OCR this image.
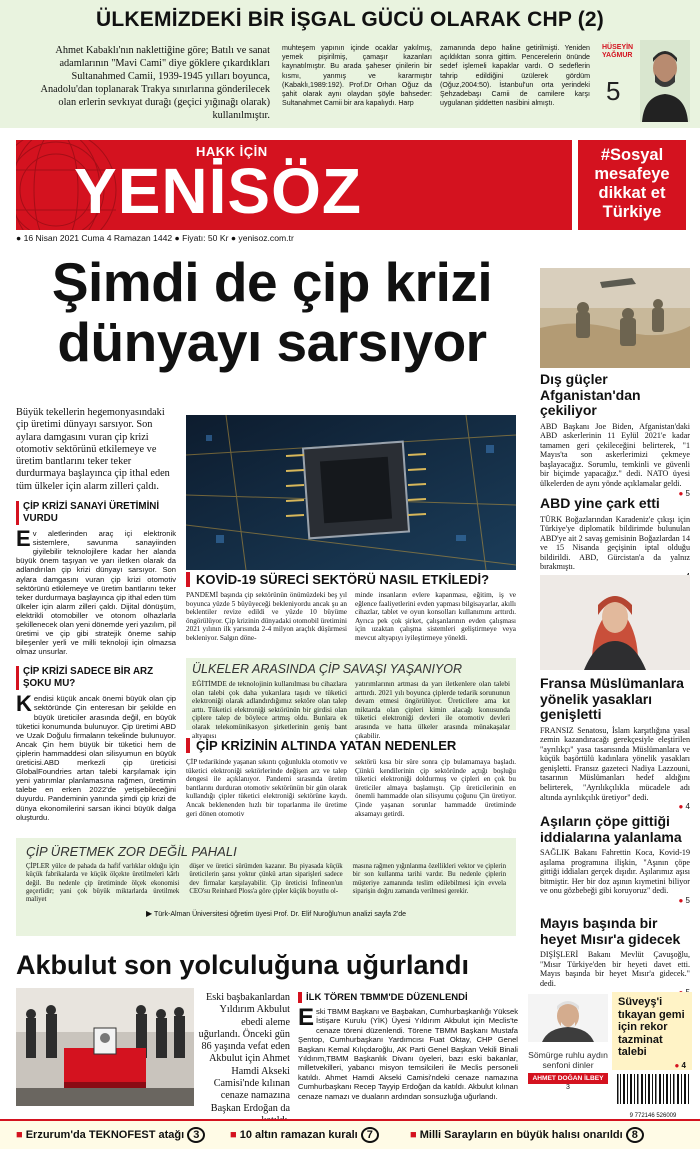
ÜLKEMİZDEKİ BİR İŞGAL GÜCÜ OLARAK CHP (2)
Ahmet Kabaklı'nın naklettiğine göre; Batılı ve sanat adamlarının "Mavi Cami" diye göklere çıkardıkları Sultanahmed Camii, 1939-1945 yılları boyunca, Anadolu'dan toplanarak Trakya sınırlarına gönderilecek olan erlerin sevkıyat durağı (geçici yığınağı olarak) kullanılmıştır.
muhteşem yapının içinde ocaklar yakılmış, yemek pişirilmiş, çamaşır kazanları kaynatılmıştır. Bu arada şaheser çinilerin bir kısmı, yanmış ve kararmıştır (Kabaklı,1989:192). Prof.Dr Orhan Oğuz da şahit olarak aynı olaydan şöyle bahseder: Sultanahmet Camii bir ara kapalıydı. Harp
zamanında depo haline getirilmişti. Yeniden açıldıktan sonra gittim. Pencerelerin önünde sedef işlemeli kapaklar vardı. O sedeflerin tahrip edildiğini üzülerek gördüm (Oğuz,2004:50). İstanbul'un orta yerindeki Şehzadebaşı Camii de camilere karşı uygulanan şiddetten nasibini almıştı.
HÜSEYİN YAĞMUR
5
HAKK İÇİN
YENİSÖZ	#Sosyal mesafeye dikkat et Türkiye
● 16 Nisan 2021 Cuma 4 Ramazan 1442 ● Fiyatı: 50 Kr ● yenisoz.com.tr
Şimdi de çip krizi dünyayı sarsıyor
Büyük tekellerin hegemonyasındaki çip üretimi dünyayı sarsıyor. Son aylara damgasını vuran çip krizi otomotiv sektörünü etkilemeye ve üretim bantlarını teker teker durdurmaya başlayınca çip ithal eden tüm ülkeler için alarm zilleri çaldı.
ÇİP KRİZİ SANAYİ ÜRETİMİNİ VURDU
Ev aletlerinden araç içi elektronik sistemlere, savunma sanayiinden giyilebilir teknolojilere kadar her alanda büyük önem taşıyan ve yarı iletken olarak da adlandırılan çip krizi dünyayı sarsıyor. Son aylara damgasını vuran çip krizi otomotiv sektörünü etkilemeye ve üretim bantlarını teker teker durdurmaya başlayınca çip ithal eden tüm ülkeler için alarm zilleri çaldı. Dijital dönüşüm, elektrikli otomobiller ve otonom olhazlarla şekillenecek olan yeni dönemde yeri yazılım, pil üretimi ve çip gibi stratejik öneme sahip bileşenler yerli ve milli teknoloji için olmazsa olmaz unsurlar.
ÇİP KRİZİ SADECE BİR ARZ ŞOKU MU?
Kendisi küçük ancak önemi büyük olan çip sektöründe Çin enteresan bir şekilde en büyük üreticiler arasında değil, en büyük tüketici konumunda bulunuyor. Çip üretimi ABD ve Uzak Doğulu firmaların tekelinde bulunuyor. Ancak Çin hem büyük bir tüketici hem de çiplerin hammaddesi olan silisyumun en büyük üreticisi.ABD merkezli çip üreticisi GlobalFoundries artan talebi karşılamak için yeni yatırımlar planlamasına rağmen, üretimin talebe en erken 2022'de yetişebileceğini duyurdu. Pandeminin yanında şimdi çip krizi de dünya ekonomilerini sarsan ikinci büyük dalga oluşturdu.
KOVİD-19 SÜRECİ SEKTÖRÜ NASIL ETKİLEDİ?
PANDEMİ başında çip sektörünün önümüzdeki beş yıl boyunca yüzde 5 büyüyeceği bekleniyordu ancak şu an beklentiler revize edildi ve yüzde 10 büyüme öngörülüyor. Çip krizinin dünyadaki otomobil üretimini 2021 yılının ilk yarısında 2-4 milyon araçlık düşürmesi bekleniyor. Salgın döne-
minde insanların evlere kapanması, eğitim, iş ve eğlence faaliyetlerini evden yapması bilgisayarlar, akıllı cihazlar, tablet ve oyun konsolları kullanımını arttırdı. Ayrıca pek çok şirket, çalışanlarının evden çalışması için uzaktan çalışma sistemleri geliştirmeye veya mevcut altyapıyı iyileştirmeye yöneldi.
ÜLKELER ARASINDA ÇİP SAVAŞI YAŞANIYOR
EĞİTİMDE de teknolojinin kullanılması bu cihazlara olan talebi çok daha yukarılara taşıdı ve tüketici elektroniği olarak adlandırdığımız sektöre olan talep arttı. Tüketici elektroniği sektörünün bir girdisi olan çiplere talep de böylece artmış oldu. Bunlara ek olarak telekomünikasyon şirketlerinin geniş bant altyapısı
yatırımlarının artması da yarı iletkenlere olan talebi arttırdı. 2021 yılı boyunca çiplerde tedarik sorununun devam etmesi öngörülüyor. Üreticilere ama kıt miktarda olan çipleri kimin alacağı konusunda tüketici elektroniği devleri ile otomotiv devleri arasında ve hatta ülkeler arasında münakaşalar çıkabilir.
ÇİP KRİZİNİN ALTINDA YATAN NEDENLER
ÇİP tedarikinde yaşanan sıkıntı çoğunlukla otomotiv ve tüketici elektroniği sektörlerinde değişen arz ve talep dengesi ile açıklanıyor. Pandemi sırasında üretim bantlarını durduran otomotiv sektörünün bir gün olarak kullandığı çipler tüketici elektroniği sektörüne kaydı. Ancak beklenenden hızlı bir toparlanma ile üretime geri dönen otomotiv
sektörü kısa bir süre sonra çip bulamamaya başladı. Çünkü kendilerinin çip sektöründe açtığı boşluğu tüketici elektroniği doldurmuş ve çipleri en çok bu üreticiler almaya başlamıştı. Çip üreticilerinin en önemli hammadde olan silisyumu çoğunu Çin üretiyor. Çinde yaşanan sorunlar hammadde üretiminde aksamayı getirdi.
ÇİP ÜRETMEK ZOR DEĞİL PAHALI
ÇİPLER yülce de pahada da hafif varlıklar olduğu için küçük fabrikalarda ve küçük ölçekte üretilmeleri kârlı değil. Bu nedenle çip üretiminde ölçek ekonomisi geçerlidir; yani çok büyük miktarlarda üretilmek maliyet
düşer ve üretici sürümden kazanır. Bu piyasada küçük üreticilerin şansı yoktur çünkü artan siparişleri sadece dev firmalar karşılayabilir. Çip üreticisi Infineon'un CEO'su Reinhard Ploss'a göre çipler küçük boyutlu ol-
masına rağmen yığınlanma özellikleri vektor ve çiplerin bir son kullanma tarihi vardır. Bu nedenle çiplerin müşteriye zamanında teslim edilebilmesi için evvela siparişin doğru zamanda verilmesi gerekir.
▶ Türk-Alman Üniversitesi öğretim üyesi Prof. Dr. Elif Nuroğlu'nun analizi sayfa 2'de
Dış güçler Afganistan'dan çekiliyor
ABD Başkanı Joe Biden, Afganistan'daki ABD askerlerinin 11 Eylül 2021'e kadar tamamen geri çekileceğini belirterek, "1 Mayıs'ta son askerlerimizi çekmeye başlayacağız. Sorumlu, temkinli ve güvenli bir biçimde yapacağız." dedi. NATO üyesi ülkelerden de aynı yönde açıklamalar geldi.
● 5
ABD yine çark etti
TÜRK Boğazlarından Karadeniz'e çıkışı için Türkiye'ye diplomatik bildirimde bulunulan ABD'ye ait 2 savaş gemisinin Boğazlardan 14 ve 15 Nisanda geçişinin iptal olduğu bildirildi. ABD, Gürcistan'a da yalnız bırakmıştı.
Fransa Müslümanlara yönelik yasakları genişletti
FRANSIZ Senatosu, İslam karşıtlığına yasal zemin kazandıracağı gerekçesiyle eleştirilen "ayrılıkçı" yasa tasarısında Müslümanlara ve küçük başörtülü kadınlara yönelik yasakları genişletti. Fransız gazeteci Nadiya Lazzouni, tasarının Müslümanları hedef aldığını belirterek, "Ayrılıkçılıkla mücadele adı altında ayrılıkçılık üretiyor" dedi.
● 4
Aşıların çöpe gittiği iddialarına yalanlama
SAĞLIK Bakanı Fahrettin Koca, Kovid-19 aşılama programına ilişkin, "Aşının çöpe gittiği iddiaları gerçek dışıdır. Aşılarımız aşısı bitmiştir. Her bir doz aşının kıymetini biliyor ve onu gözbebeği gibi koruyoruz" dedi.
● 5
Mayıs başında bir heyet Mısır'a gidecek
DIŞİŞLERİ Bakanı Mevlüt Çavuşoğlu, "Mısır Türkiye'den bir heyeti davet etti. Mayıs başında bir heyet Mısır'a gidecek." dedi.
Akbulut son yolculuğuna uğurlandı
Eski başbakanlardan Yıldırım Akbulut ebedi aleme uğurlandı. Önceki gün 86 yaşında vefat eden Akbulut için Ahmet Hamdi Akseki Camisi'nde kılınan cenaze namazına Başkan Erdoğan da
İLK TÖREN TBMM'DE DÜZENLENDİ
Eski TBMM Başkanı ve Başbakan, Cumhurbaşkanlığı Yüksek İstişare Kurulu (YİK) Üyesi Yıldırım Akbulut için Meclis'te cenaze töreni düzenlendi. Törene TBMM Başkanı Mustafa Şentop, Cumhurbaşkanı Yardımcısı Fuat Oktay, CHP Genel Başkanı Kemal Kılıçdaroğlu, AK Parti Genel Başkan Vekili Binali Yıldırım,TBMM Başkanlık Divanı üyeleri, bazı eski bakanlar, milletvekilleri, yabancı misyon temsilcileri ile Meclis personeli katıldı. Ahmet Hamdi Akseki Camisi'ndeki cenaze namazına Cumhurbaşkanı Recep Tayyip Erdoğan da katıldı. Akbulut kılınan cenaze namazı ve duaların ardından sonsuzluğa uğurlandı.
Sömürge ruhlu aydın senfoni dinler
AHMET DOĞAN İLBEY
3
Süveyş'i tıkayan gemi için rekor tazminat talebi
● 4
9 772146 526009
■ Erzurum'da TEKNOFEST atağı 3	■ 10 altın ramazan kuralı 7	■ Milli Sarayların en büyük halısı onarıldı 8
